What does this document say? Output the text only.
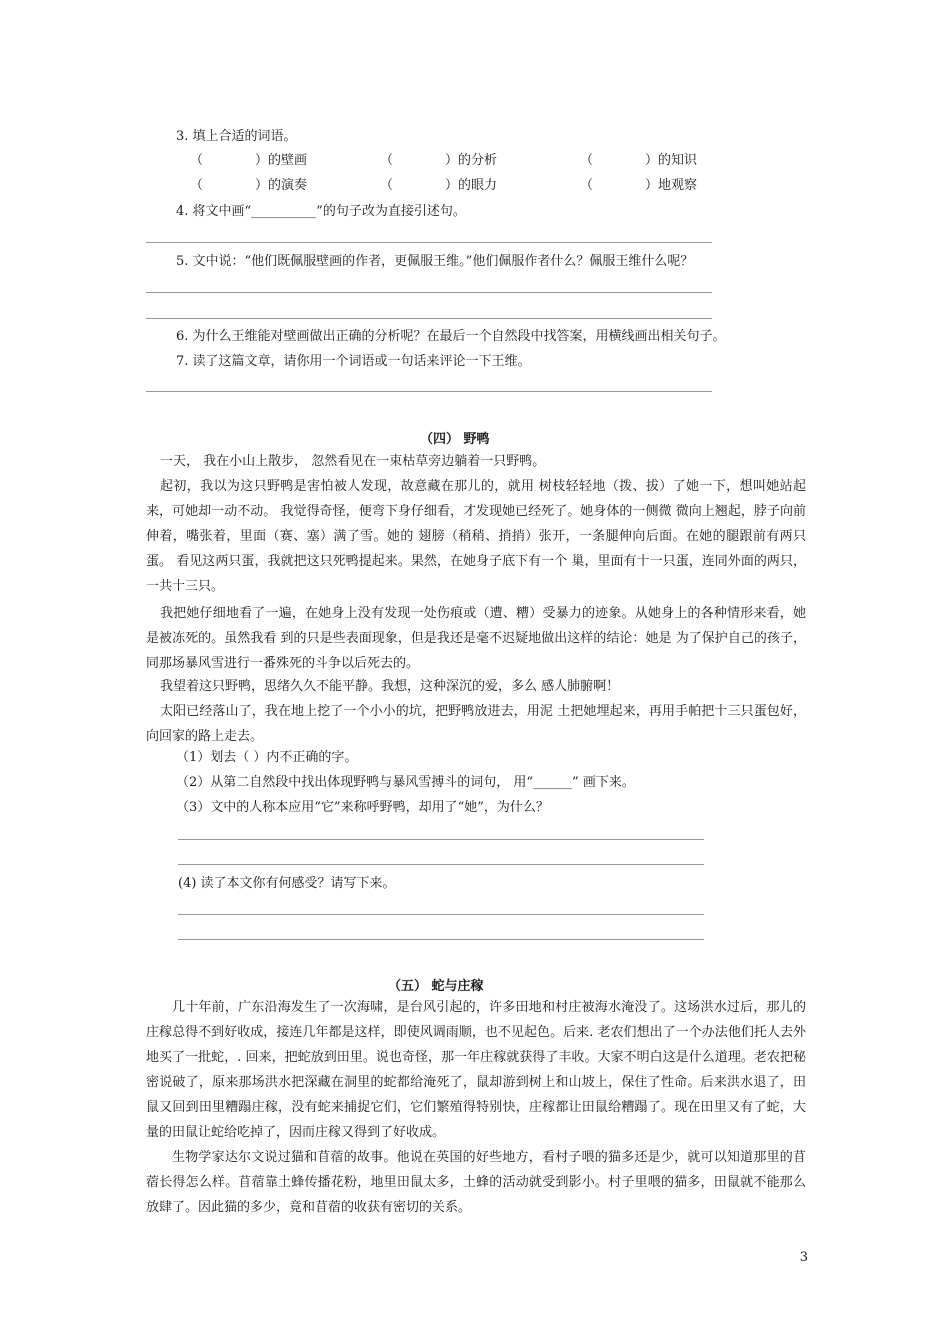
3. 填上合适的词语。
（　　　　）的壁画	（　　　　）的分析	（　　　　）的知识
（　　　　）的演奏	（　　　　）的眼力	（　　　　）地观察
4. 将文中画“__________”的句子改为直接引述句。
5. 文中说：“他们既佩服壁画的作者，更佩服王维。”他们佩服作者什么？佩服王维什么呢？
6. 为什么王维能对壁画做出正确的分析呢？在最后一个自然段中找答案，用横线画出相关句子。
7. 读了这篇文章，请你用一个词语或一句话来评论一下王维。
（四） 野鸭
一天， 我在小山上散步， 忽然看见在一束枯草旁边躺着一只野鸭。
起初，我以为这只野鸭是害怕被人发现，故意藏在那儿的，就用 树枝轻轻地（拨、拔）了她一下，想叫她站起来，可她却一动不动。 我觉得奇怪，便弯下身仔细看，才发现她已经死了。她身体的一侧微 微向上翘起，脖子向前伸着，嘴张着，里面（赛、塞）满了雪。她的 翅膀（稍稍、捎捎）张开，一条腿伸向后面。在她的腿跟前有两只蛋。 看见这两只蛋，我就把这只死鸭提起来。果然，在她身子底下有一个 巢，里面有十一只蛋，连同外面的两只，一共十三只。
我把她仔细地看了一遍，在她身上没有发现一处伤痕或（遭、糟）受暴力的迹象。从她身上的各种情形来看，她是被冻死的。虽然我看 到的只是些表面现象，但是我还是毫不迟疑地做出这样的结论：她是 为了保护自己的孩子，同那场暴风雪进行一番殊死的斗争以后死去的。
我望着这只野鸭，思绪久久不能平静。我想，这种深沉的爱，多么 感人肺腑啊！
太阳已经落山了，我在地上挖了一个小小的坑，把野鸭放进去，用泥 土把她埋起来，再用手帕把十三只蛋包好，向回家的路上走去。
（1）划去（ ）内不正确的字。
（2）从第二自然段中找出体现野鸭与暴风雪搏斗的词句， 用“______” 画下来。
（3）文中的人称本应用“它”来称呼野鸭，却用了“她”，为什么？
(4) 读了本文你有何感受？请写下来。
（五） 蛇与庄稼
几十年前，广东沿海发生了一次海啸，是台风引起的，许多田地和村庄被海水淹没了。这场洪水过后，那儿的庄稼总得不到好收成，接连几年都是这样，即使风调雨顺，也不见起色。后来. 老农们想出了一个办法他们托人去外地买了一批蛇，. 回来，把蛇放到田里。说也奇怪，那一年庄稼就获得了丰收。大家不明白这是什么道理。老农把秘密说破了，原来那场洪水把深藏在洞里的蛇都给淹死了，鼠却游到树上和山坡上，保住了性命。后来洪水退了，田鼠又回到田里糟蹋庄稼，没有蛇来捕捉它们，它们繁殖得特别快，庄稼都让田鼠给糟蹋了。现在田里又有了蛇，大量的田鼠让蛇给吃掉了，因而庄稼又得到了好收成。
生物学家达尔文说过猫和苜蓿的故事。他说在英国的好些地方，看村子喂的猫多还是少，就可以知道那里的苜蓿长得怎么样。苜蓿靠土蜂传播花粉，地里田鼠太多，土蜂的活动就受到影小。村子里喂的猫多，田鼠就不能那么放肆了。因此猫的多少，竟和苜蓿的收获有密切的关系。
3
